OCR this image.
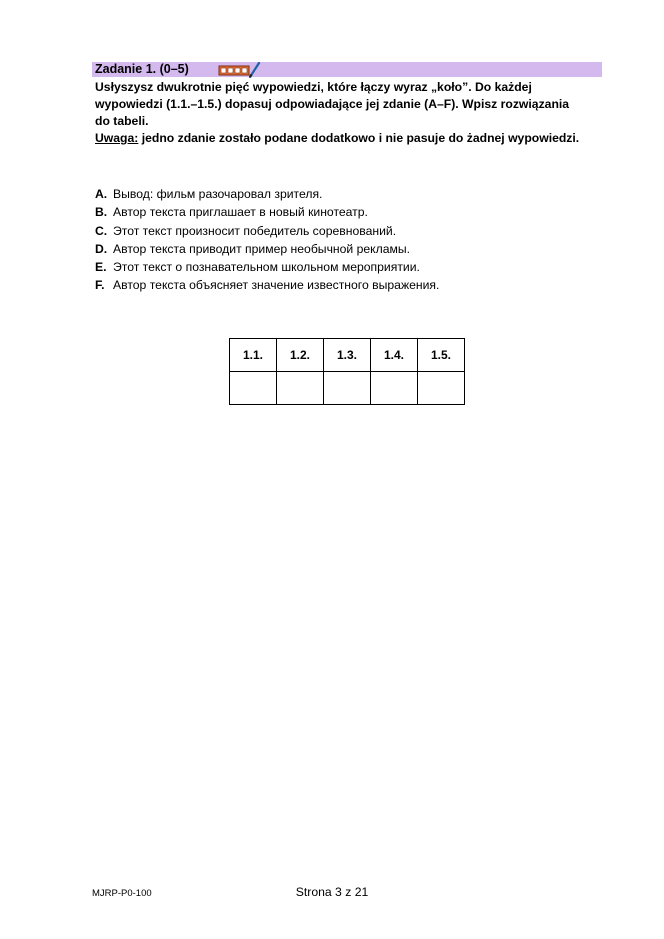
Zadanie 1. (0–5)

Usłyszysz dwukrotnie pięć wypowiedzi, które łączy wyraz „koło”. Do każdej

wypowiedzi (1.1.–1.5.) dopasuj odpowiadające jej zdanie (A–F). Wpisz rozwiązania

do tabeli.

Uwaga: jedno zdanie zostało podane dodatkowo i nie pasuje do żadnej wypowiedzi.

A. Вывод: фильм разочаровал зрителя.
B. Автор текста приглашает в новый кинотеатр.
C. Этот текст произносит победитель соревнований.
D. Автор текста приводит пример необычной рекламы.
E. Этот текст о познавательном школьном мероприятии.
F. Автор текста объясняет значение известного выражения.
1.1.	1.2.	1.3.	1.4.	1.5.

MJRP-P0-100	Strona 3 z 21
